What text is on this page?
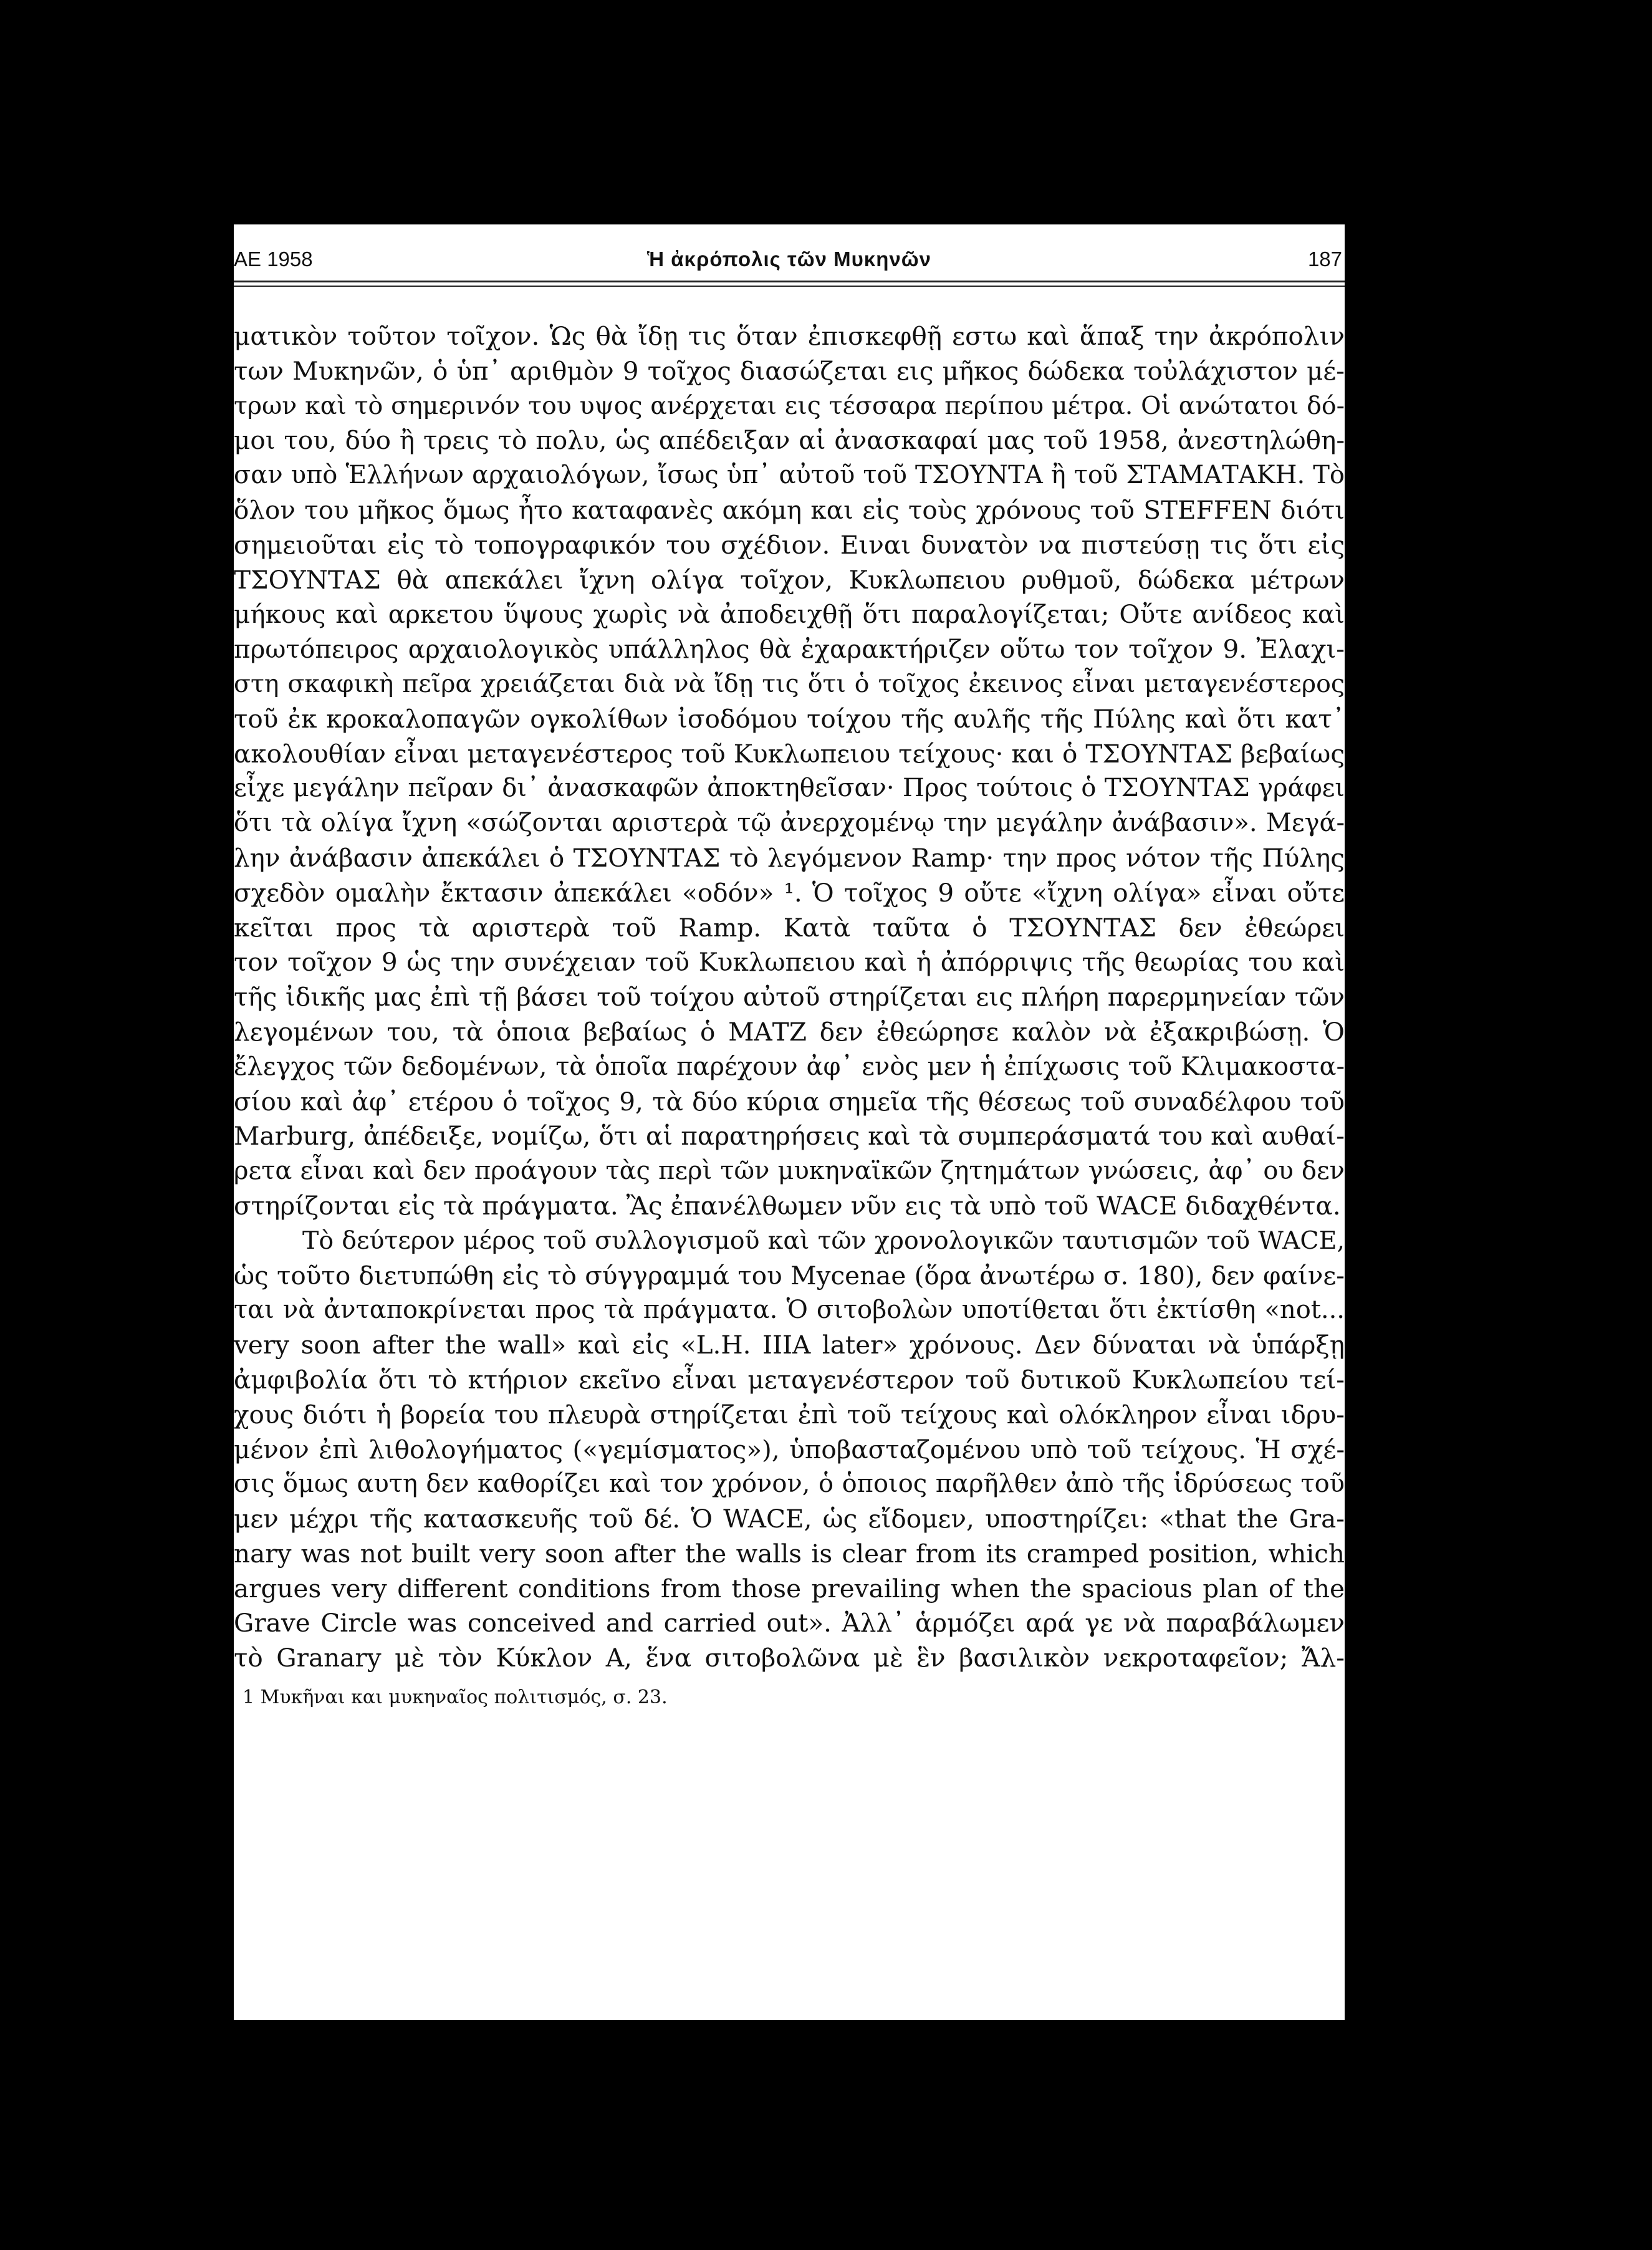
ΑΕ 1958	Ἡ ἀκρόπολις τῶν Μυκηνῶν	187
ματικὸν τοῦτον τοῖχον. Ὡς θὰ ἴδῃ τις ὅταν ἐπισκεφθῇ εστω καὶ ἅπαξ την ἀκρόπολιν
των Μυκηνῶν, ὁ ὑπ᾽ αριθμὸν 9 τοῖχος διασώζεται εις μῆκος δώδεκα τοὐλάχιστον μέ-
τρων καὶ τὸ σημερινόν του υψος ανέρχεται εις τέσσαρα περίπου μέτρα. Οἱ ανώτατοι δό-
μοι του, δύο ἢ τρεις τὸ πολυ, ὡς απέδειξαν αἱ ἀνασκαφαί μας τοῦ 1958, ἀνεστηλώθη-
σαν υπὸ Ἑλλήνων αρχαιολόγων, ἴσως ὑπ᾽ αὐτοῦ τοῦ ΤΣΟΥΝΤΑ ἢ τοῦ ΣΤΑΜΑΤΑΚΗ. Τὸ
ὅλον του μῆκος ὅμως ἦτο καταφανὲς ακόμη και εἰς τοὺς χρόνους τοῦ STEFFEN διότι
σημειοῦται εἰς τὸ τοπογραφικόν του σχέδιον. Ειναι δυνατὸν να πιστεύσῃ τις ὅτι εἰς
ΤΣΟΥΝΤΑΣ θὰ απεκάλει ἴχνη ολίγα τοῖχον, Κυκλωπειου ρυθμοῦ, δώδεκα μέτρων
μήκους καὶ αρκετου ὕψους χωρὶς νὰ ἀποδειχθῇ ὅτι παραλογίζεται; Οὔτε ανίδεος καὶ
πρωτόπειρος αρχαιολογικὸς υπάλληλος θὰ ἐχαρακτήριζεν οὕτω τον τοῖχον 9. Ἐλαχι-
στη σκαφικὴ πεῖρα χρειάζεται διὰ νὰ ἴδῃ τις ὅτι ὁ τοῖχος ἐκεινος εἶναι μεταγενέστερος
τοῦ ἐκ κροκαλοπαγῶν ογκολίθων ἰσοδόμου τοίχου τῆς αυλῆς τῆς Πύλης καὶ ὅτι κατ᾽
ακολουθίαν εἶναι μεταγενέστερος τοῦ Κυκλωπειου τείχους· και ὁ ΤΣΟΥΝΤΑΣ βεβαίως
εἶχε μεγάλην πεῖραν δι᾽ ἀνασκαφῶν ἀποκτηθεῖσαν· Προς τούτοις ὁ ΤΣΟΥΝΤΑΣ γράφει
ὅτι τὰ ολίγα ἴχνη «σώζονται αριστερὰ τῷ ἀνερχομένῳ την μεγάλην ἀνάβασιν». Μεγά-
λην ἀνάβασιν ἀπεκάλει ὁ ΤΣΟΥΝΤΑΣ τὸ λεγόμενον Ramp· την προς νότον τῆς Πύλης
σχεδὸν ομαλὴν ἔκτασιν ἀπεκάλει «οδόν» ¹. Ὁ τοῖχος 9 οὔτε «ἴχνη ολίγα» εἶναι οὔτε
κεῖται προς τὰ αριστερὰ τοῦ Ramp. Κατὰ ταῦτα ὁ ΤΣΟΥΝΤΑΣ δεν ἐθεώρει
τον τοῖχον 9 ὡς την συνέχειαν τοῦ Κυκλωπειου καὶ ἡ ἀπόρριψις τῆς θεωρίας του καὶ
τῆς ἰδικῆς μας ἐπὶ τῇ βάσει τοῦ τοίχου αὐτοῦ στηρίζεται εις πλήρη παρερμηνείαν τῶν
λεγομένων του, τὰ ὁποια βεβαίως ὁ ΜΑΤΖ δεν ἐθεώρησε καλὸν νὰ ἐξακριβώσῃ. Ὁ
ἔλεγχος τῶν δεδομένων, τὰ ὁποῖα παρέχουν ἀφ᾽ ενὸς μεν ἡ ἐπίχωσις τοῦ Κλιμακοστα-
σίου καὶ ἀφ᾽ ετέρου ὁ τοῖχος 9, τὰ δύο κύρια σημεῖα τῆς θέσεως τοῦ συναδέλφου τοῦ
Marburg, ἀπέδειξε, νομίζω, ὅτι αἱ παρατηρήσεις καὶ τὰ συμπεράσματά του καὶ αυθαί-
ρετα εἶναι καὶ δεν προάγουν τὰς περὶ τῶν μυκηναϊκῶν ζητημάτων γνώσεις, ἀφ᾽ ου δεν
στηρίζονται εἰς τὰ πράγματα. Ἂς ἐπανέλθωμεν νῦν εις τὰ υπὸ τοῦ WACE διδαχθέντα.
Τὸ δεύτερον μέρος τοῦ συλλογισμοῦ καὶ τῶν χρονολογικῶν ταυτισμῶν τοῦ WACE,
ὡς τοῦτο διετυπώθη εἰς τὸ σύγγραμμά του Mycenae (ὅρα ἀνωτέρω σ. 180), δεν φαίνε-
ται νὰ ἀνταποκρίνεται προς τὰ πράγματα. Ὁ σιτοβολὼν υποτίθεται ὅτι ἐκτίσθη «not...
very soon after the wall» καὶ εἰς «L.H. IIIA later» χρόνους. Δεν δύναται νὰ ὑπάρξῃ
ἀμφιβολία ὅτι τὸ κτήριον εκεῖνο εἶναι μεταγενέστερον τοῦ δυτικοῦ Κυκλωπείου τεί-
χους διότι ἡ βορεία του πλευρὰ στηρίζεται ἐπὶ τοῦ τείχους καὶ ολόκληρον εἶναι ιδρυ-
μένον ἐπὶ λιθολογήματος («γεμίσματος»), ὑποβασταζομένου υπὸ τοῦ τείχους. Ἡ σχέ-
σις ὅμως αυτη δεν καθορίζει καὶ τον χρόνον, ὁ ὁποιος παρῆλθεν ἀπὸ τῆς ἱδρύσεως τοῦ
μεν μέχρι τῆς κατασκευῆς τοῦ δέ. Ὁ WACE, ὡς εἴδομεν, υποστηρίζει: «that the Gra-
nary was not built very soon after the walls is clear from its cramped position, which
argues very different conditions from those prevailing when the spacious plan of the
Grave Circle was conceived and carried out». Ἀλλ᾽ ἁρμόζει αρά γε νὰ παραβάλωμεν
τὸ Granary μὲ τὸν Κύκλον Α, ἕνα σιτοβολῶνα μὲ ἓν βασιλικὸν νεκροταφεῖον; Ἄλ-
1 Μυκῆναι και μυκηναῖος πολιτισμός, σ. 23.
